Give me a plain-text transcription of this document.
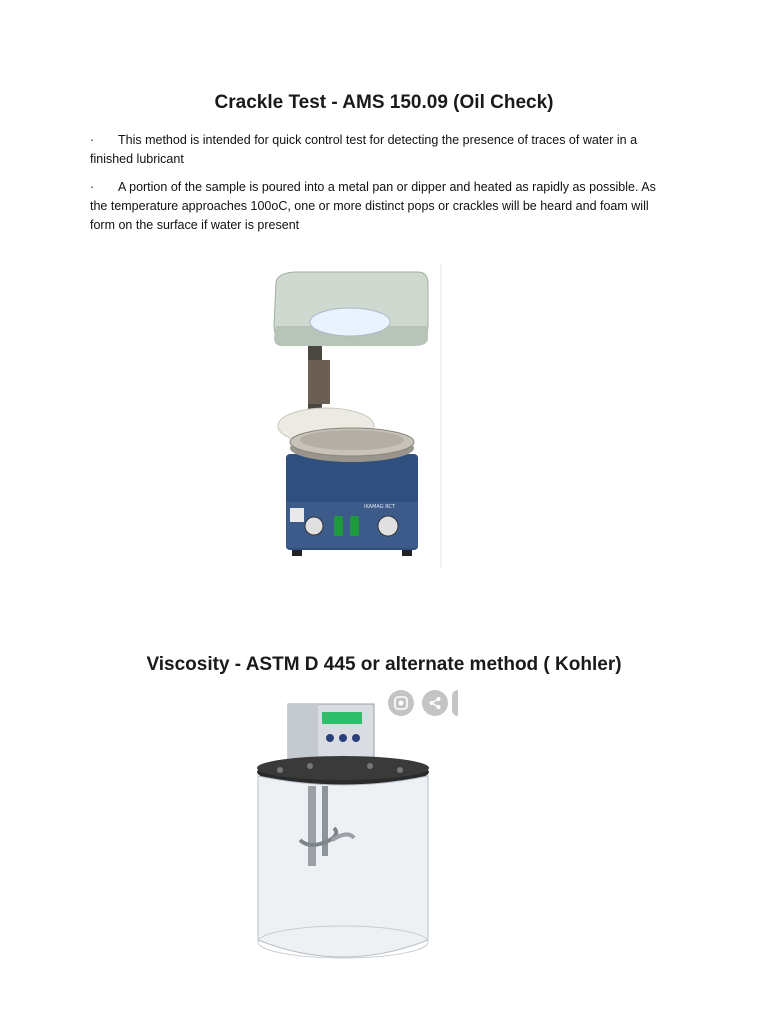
Crackle Test - AMS 150.09 (Oil Check)
· This method is intended for quick control test for detecting the presence of traces of water in a finished lubricant
· A portion of the sample is poured into a metal pan or dipper and heated as rapidly as possible. As the temperature approaches 100oC, one or more distinct pops or crackles will be heard and foam will form on the surface if water is present
IKAMAG RCT
Viscosity - ASTM D 445 or alternate method ( Kohler)
